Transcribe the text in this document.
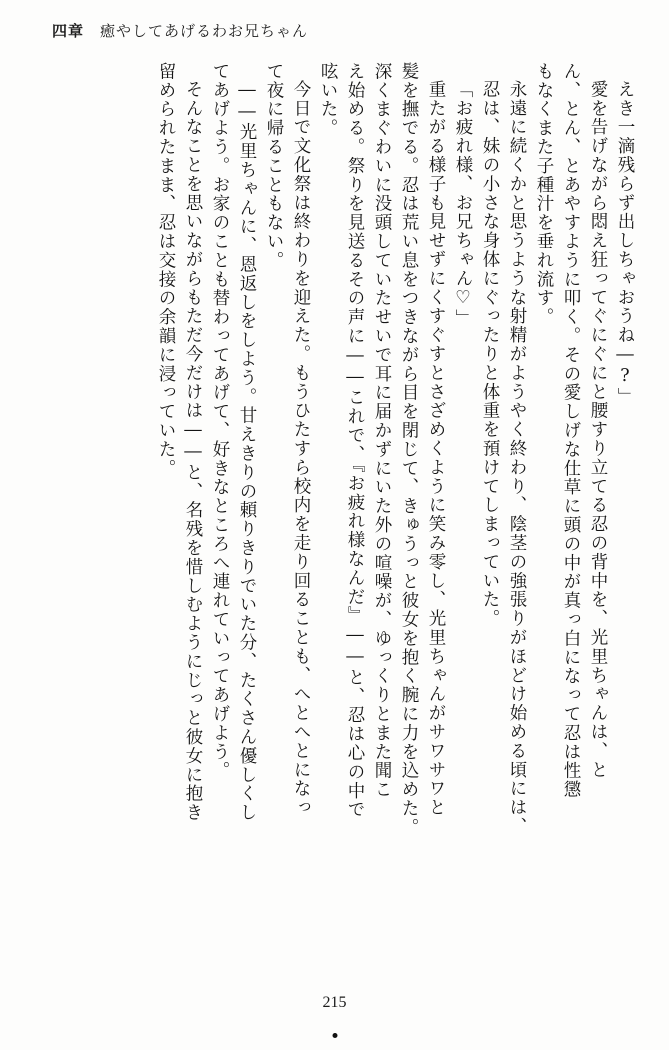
四章 癒やしてあげるわお兄ちゃん
えき一滴残らず出しちゃおうね―?」
愛を告げながら悶え狂ってぐにぐにと腰すり立てる忍の背中を、光里ちゃんは、と
ん、とん、とあやすように叩く。その愛しげな仕草に頭の中が真っ白になって忍は性懲
もなくまた子種汁を垂れ流す。
永遠に続くかと思うような射精がようやく終わり、陰茎の強張りがほどけ始める頃には、
忍は、妹の小さな身体にぐったりと体重を預けてしまっていた。
「お疲れ様、お兄ちゃん♡」
重たがる様子も見せずにくすぐすとさざめくように笑み零し、光里ちゃんがサワサワと
髪を撫でる。忍は荒い息をつきながら目を閉じて、きゅうっと彼女を抱く腕に力を込めた。
深くまぐわいに没頭していたせいで耳に届かずにいた外の喧噪が、ゆっくりとまた聞こ
え始める。祭りを見送るその声に――これで、『お疲れ様なんだ』――と、忍は心の中で
呟いた。
今日で文化祭は終わりを迎えた。もうひたすら校内を走り回ることも、へとへとになっ
て夜に帰ることもない。
――光里ちゃんに、恩返しをしよう。甘えきりの頼りきりでいた分、たくさん優しくし
てあげよう。お家のことも替わってあげて、好きなところへ連れていってあげよう。
そんなことを思いながらもただ今だけは――と、名残を惜しむようにじっと彼女に抱き
留められたまま、忍は交接の余韻に浸っていた。
215
